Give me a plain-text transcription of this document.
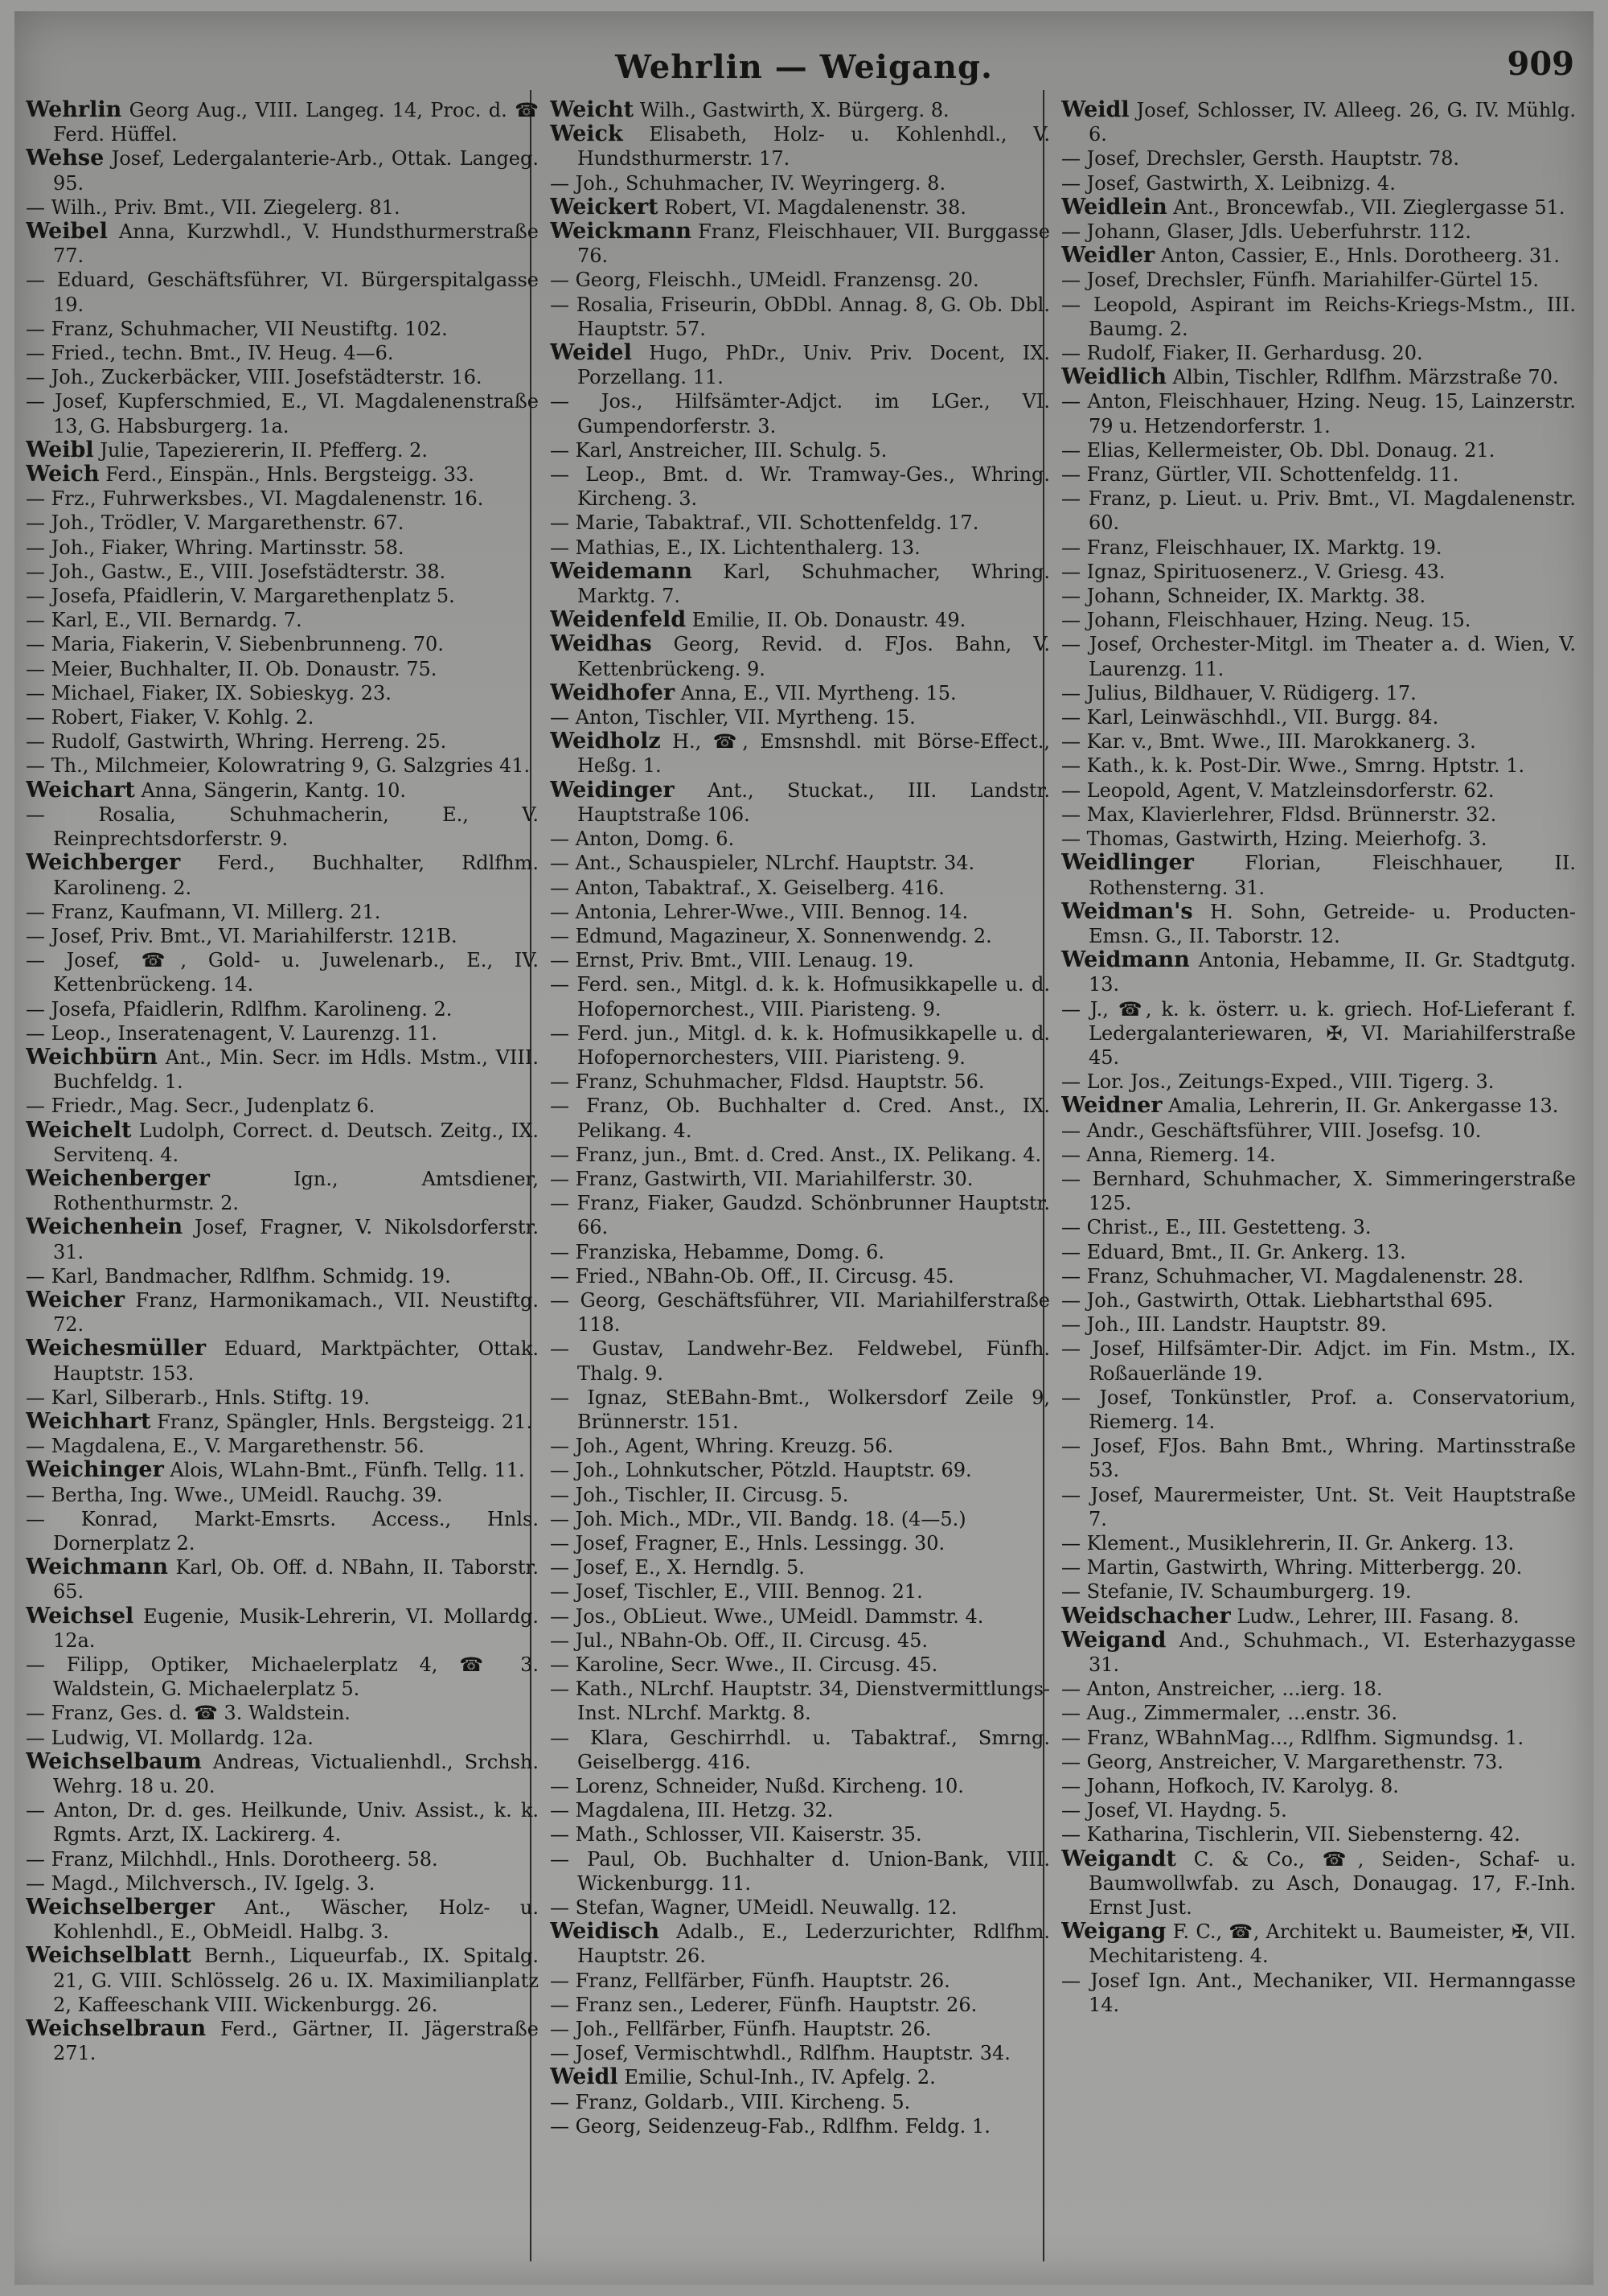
Wehrlin — Weigang.	909

Wehrlin Georg Aug., VIII. Langeg. 14, Proc. d. ☎ Ferd. Hüffel.

Wehse Josef, Ledergalanterie-Arb., Ottak. Langeg. 95.

— Wilh., Priv. Bmt., VII. Ziegelerg. 81.

Weibel Anna, Kurzwhdl., V. Hundsthurmerstraße 77.

— Eduard, Geschäftsführer, VI. Bürgerspitalgasse 19.

— Franz, Schuhmacher, VII Neustiftg. 102.

— Fried., techn. Bmt., IV. Heug. 4—6.

— Joh., Zuckerbäcker, VIII. Josefstädterstr. 16.

— Josef, Kupferschmied, E., VI. Magdalenenstraße 13, G. Habsburgerg. 1a.

Weibl Julie, Tapeziererin, II. Pfefferg. 2.

Weich Ferd., Einspän., Hnls. Bergsteigg. 33.

— Frz., Fuhrwerksbes., VI. Magdalenenstr. 16.

— Joh., Trödler, V. Margarethenstr. 67.

— Joh., Fiaker, Whring. Martinsstr. 58.

— Joh., Gastw., E., VIII. Josefstädterstr. 38.

— Josefa, Pfaidlerin, V. Margarethenplatz 5.

— Karl, E., VII. Bernardg. 7.

— Maria, Fiakerin, V. Siebenbrunneng. 70.

— Meier, Buchhalter, II. Ob. Donaustr. 75.

— Michael, Fiaker, IX. Sobieskyg. 23.

— Robert, Fiaker, V. Kohlg. 2.

— Rudolf, Gastwirth, Whring. Herreng. 25.

— Th., Milchmeier, Kolowratring 9, G. Salzgries 41.

Weichart Anna, Sängerin, Kantg. 10.

— Rosalia, Schuhmacherin, E., V. Reinprechtsdorferstr. 9.

Weichberger Ferd., Buchhalter, Rdlfhm. Karolineng. 2.

— Franz, Kaufmann, VI. Millerg. 21.

— Josef, Priv. Bmt., VI. Mariahilferstr. 121B.

— Josef, ☎, Gold- u. Juwelenarb., E., IV. Kettenbrückeng. 14.

— Josefa, Pfaidlerin, Rdlfhm. Karolineng. 2.

— Leop., Inseratenagent, V. Laurenzg. 11.

Weichbürn Ant., Min. Secr. im Hdls. Mstm., VIII. Buchfeldg. 1.

— Friedr., Mag. Secr., Judenplatz 6.

Weichelt Ludolph, Correct. d. Deutsch. Zeitg., IX. Servitenq. 4.

Weichenberger Ign., Amtsdiener, Rothenthurmstr. 2.

Weichenhein Josef, Fragner, V. Nikolsdorferstr. 31.

— Karl, Bandmacher, Rdlfhm. Schmidg. 19.

Weicher Franz, Harmonikamach., VII. Neustiftg. 72.

Weichesmüller Eduard, Marktpächter, Ottak. Hauptstr. 153.

— Karl, Silberarb., Hnls. Stiftg. 19.

Weichhart Franz, Spängler, Hnls. Bergsteigg. 21.

— Magdalena, E., V. Margarethenstr. 56.

Weichinger Alois, WLahn-Bmt., Fünfh. Tellg. 11.

— Bertha, Ing. Wwe., UMeidl. Rauchg. 39.

— Konrad, Markt-Emsrts. Access., Hnls. Dornerplatz 2.

Weichmann Karl, Ob. Off. d. NBahn, II. Taborstr. 65.

Weichsel Eugenie, Musik-Lehrerin, VI. Mollardg. 12a.

— Filipp, Optiker, Michaelerplatz 4, ☎ 3. Waldstein, G. Michaelerplatz 5.

— Franz, Ges. d. ☎ 3. Waldstein.

— Ludwig, VI. Mollardg. 12a.

Weichselbaum Andreas, Victualienhdl., Srchsh. Wehrg. 18 u. 20.

— Anton, Dr. d. ges. Heilkunde, Univ. Assist., k. k. Rgmts. Arzt, IX. Lackirerg. 4.

— Franz, Milchhdl., Hnls. Dorotheerg. 58.

— Magd., Milchversch., IV. Igelg. 3.

Weichselberger Ant., Wäscher, Holz- u. Kohlenhdl., E., ObMeidl. Halbg. 3.

Weichselblatt Bernh., Liqueurfab., IX. Spitalg. 21, G. VIII. Schlösselg. 26 u. IX. Maximilianplatz 2, Kaffeeschank VIII. Wickenburgg. 26.

Weichselbraun Ferd., Gärtner, II. Jägerstraße 271.

Weicht Wilh., Gastwirth, X. Bürgerg. 8.

Weick Elisabeth, Holz- u. Kohlenhdl., V. Hundsthurmerstr. 17.

— Joh., Schuhmacher, IV. Weyringerg. 8.

Weickert Robert, VI. Magdalenenstr. 38.

Weickmann Franz, Fleischhauer, VII. Burggasse 76.

— Georg, Fleischh., UMeidl. Franzensg. 20.

— Rosalia, Friseurin, ObDbl. Annag. 8, G. Ob. Dbl. Hauptstr. 57.

Weidel Hugo, PhDr., Univ. Priv. Docent, IX. Porzellang. 11.

— Jos., Hilfsämter-Adjct. im LGer., VI. Gumpendorferstr. 3.

— Karl, Anstreicher, III. Schulg. 5.

— Leop., Bmt. d. Wr. Tramway-Ges., Whring. Kircheng. 3.

— Marie, Tabaktraf., VII. Schottenfeldg. 17.

— Mathias, E., IX. Lichtenthalerg. 13.

Weidemann Karl, Schuhmacher, Whring. Marktg. 7.

Weidenfeld Emilie, II. Ob. Donaustr. 49.

Weidhas Georg, Revid. d. FJos. Bahn, V. Kettenbrückeng. 9.

Weidhofer Anna, E., VII. Myrtheng. 15.

— Anton, Tischler, VII. Myrtheng. 15.

Weidholz H., ☎, Emsnshdl. mit Börse-Effect., Heßg. 1.

Weidinger Ant., Stuckat., III. Landstr. Hauptstraße 106.

— Anton, Domg. 6.

— Ant., Schauspieler, NLrchf. Hauptstr. 34.

— Anton, Tabaktraf., X. Geiselberg. 416.

— Antonia, Lehrer-Wwe., VIII. Bennog. 14.

— Edmund, Magazineur, X. Sonnenwendg. 2.

— Ernst, Priv. Bmt., VIII. Lenaug. 19.

— Ferd. sen., Mitgl. d. k. k. Hofmusikkapelle u. d. Hofopernorchest., VIII. Piaristeng. 9.

— Ferd. jun., Mitgl. d. k. k. Hofmusikkapelle u. d. Hofopernorchesters, VIII. Piaristeng. 9.

— Franz, Schuhmacher, Fldsd. Hauptstr. 56.

— Franz, Ob. Buchhalter d. Cred. Anst., IX. Pelikang. 4.

— Franz, jun., Bmt. d. Cred. Anst., IX. Pelikang. 4.

— Franz, Gastwirth, VII. Mariahilferstr. 30.

— Franz, Fiaker, Gaudzd. Schönbrunner Hauptstr. 66.

— Franziska, Hebamme, Domg. 6.

— Fried., NBahn-Ob. Off., II. Circusg. 45.

— Georg, Geschäftsführer, VII. Mariahilferstraße 118.

— Gustav, Landwehr-Bez. Feldwebel, Fünfh. Thalg. 9.

— Ignaz, StEBahn-Bmt., Wolkersdorf Zeile 9, Brünnerstr. 151.

— Joh., Agent, Whring. Kreuzg. 56.

— Joh., Lohnkutscher, Pötzld. Hauptstr. 69.

— Joh., Tischler, II. Circusg. 5.

— Joh. Mich., MDr., VII. Bandg. 18. (4—5.)

— Josef, Fragner, E., Hnls. Lessingg. 30.

— Josef, E., X. Herndlg. 5.

— Josef, Tischler, E., VIII. Bennog. 21.

— Jos., ObLieut. Wwe., UMeidl. Dammstr. 4.

— Jul., NBahn-Ob. Off., II. Circusg. 45.

— Karoline, Secr. Wwe., II. Circusg. 45.

— Kath., NLrchf. Hauptstr. 34, Dienstvermittlungs-Inst. NLrchf. Marktg. 8.

— Klara, Geschirrhdl. u. Tabaktraf., Smrng. Geiselbergg. 416.

— Lorenz, Schneider, Nußd. Kircheng. 10.

— Magdalena, III. Hetzg. 32.

— Math., Schlosser, VII. Kaiserstr. 35.

— Paul, Ob. Buchhalter d. Union-Bank, VIII. Wickenburgg. 11.

— Stefan, Wagner, UMeidl. Neuwallg. 12.

Weidisch Adalb., E., Lederzurichter, Rdlfhm. Hauptstr. 26.

— Franz, Fellfärber, Fünfh. Hauptstr. 26.

— Franz sen., Lederer, Fünfh. Hauptstr. 26.

— Joh., Fellfärber, Fünfh. Hauptstr. 26.

— Josef, Vermischtwhdl., Rdlfhm. Hauptstr. 34.

Weidl Emilie, Schul-Inh., IV. Apfelg. 2.

— Franz, Goldarb., VIII. Kircheng. 5.

— Georg, Seidenzeug-Fab., Rdlfhm. Feldg. 1.

Weidl Josef, Schlosser, IV. Alleeg. 26, G. IV. Mühlg. 6.

— Josef, Drechsler, Gersth. Hauptstr. 78.

— Josef, Gastwirth, X. Leibnizg. 4.

Weidlein Ant., Broncewfab., VII. Zieglergasse 51.

— Johann, Glaser, Jdls. Ueberfuhrstr. 112.

Weidler Anton, Cassier, E., Hnls. Dorotheerg. 31.

— Josef, Drechsler, Fünfh. Mariahilfer-Gürtel 15.

— Leopold, Aspirant im Reichs-Kriegs-Mstm., III. Baumg. 2.

— Rudolf, Fiaker, II. Gerhardusg. 20.

Weidlich Albin, Tischler, Rdlfhm. Märzstraße 70.

— Anton, Fleischhauer, Hzing. Neug. 15, Lainzerstr. 79 u. Hetzendorferstr. 1.

— Elias, Kellermeister, Ob. Dbl. Donaug. 21.

— Franz, Gürtler, VII. Schottenfeldg. 11.

— Franz, p. Lieut. u. Priv. Bmt., VI. Magdalenenstr. 60.

— Franz, Fleischhauer, IX. Marktg. 19.

— Ignaz, Spirituosenerz., V. Griesg. 43.

— Johann, Schneider, IX. Marktg. 38.

— Johann, Fleischhauer, Hzing. Neug. 15.

— Josef, Orchester-Mitgl. im Theater a. d. Wien, V. Laurenzg. 11.

— Julius, Bildhauer, V. Rüdigerg. 17.

— Karl, Leinwäschhdl., VII. Burgg. 84.

— Kar. v., Bmt. Wwe., III. Marokkanerg. 3.

— Kath., k. k. Post-Dir. Wwe., Smrng. Hptstr. 1.

— Leopold, Agent, V. Matzleinsdorferstr. 62.

— Max, Klavierlehrer, Fldsd. Brünnerstr. 32.

— Thomas, Gastwirth, Hzing. Meierhofg. 3.

Weidlinger Florian, Fleischhauer, II. Rothensterng. 31.

Weidman's H. Sohn, Getreide- u. Producten-Emsn. G., II. Taborstr. 12.

Weidmann Antonia, Hebamme, II. Gr. Stadtgutg. 13.

— J., ☎, k. k. österr. u. k. griech. Hof-Lieferant f. Ledergalanteriewaren, ✠, VI. Mariahilferstraße 45.

— Lor. Jos., Zeitungs-Exped., VIII. Tigerg. 3.

Weidner Amalia, Lehrerin, II. Gr. Ankergasse 13.

— Andr., Geschäftsführer, VIII. Josefsg. 10.

— Anna, Riemerg. 14.

— Bernhard, Schuhmacher, X. Simmeringerstraße 125.

— Christ., E., III. Gestetteng. 3.

— Eduard, Bmt., II. Gr. Ankerg. 13.

— Franz, Schuhmacher, VI. Magdalenenstr. 28.

— Joh., Gastwirth, Ottak. Liebhartsthal 695.

— Joh., III. Landstr. Hauptstr. 89.

— Josef, Hilfsämter-Dir. Adjct. im Fin. Mstm., IX. Roßauerlände 19.

— Josef, Tonkünstler, Prof. a. Conservatorium, Riemerg. 14.

— Josef, FJos. Bahn Bmt., Whring. Martinsstraße 53.

— Josef, Maurermeister, Unt. St. Veit Hauptstraße 7.

— Klement., Musiklehrerin, II. Gr. Ankerg. 13.

— Martin, Gastwirth, Whring. Mitterbergg. 20.

— Stefanie, IV. Schaumburgerg. 19.

Weidschacher Ludw., Lehrer, III. Fasang. 8.

Weigand And., Schuhmach., VI. Esterhazygasse 31.

— Anton, Anstreicher, ...ierg. 18.

— Aug., Zimmermaler, ...enstr. 36.

— Franz, WBahnMag..., Rdlfhm. Sigmundsg. 1.

— Georg, Anstreicher, V. Margarethenstr. 73.

— Johann, Hofkoch, IV. Karolyg. 8.

— Josef, VI. Haydng. 5.

— Katharina, Tischlerin, VII. Siebensterng. 42.

Weigandt C. & Co., ☎, Seiden-, Schaf- u. Baumwollwfab. zu Asch, Donaugag. 17, F.-Inh. Ernst Just.

Weigang F. C., ☎, Architekt u. Baumeister, ✠, VII. Mechitaristeng. 4.

— Josef Ign. Ant., Mechaniker, VII. Hermanngasse 14.
